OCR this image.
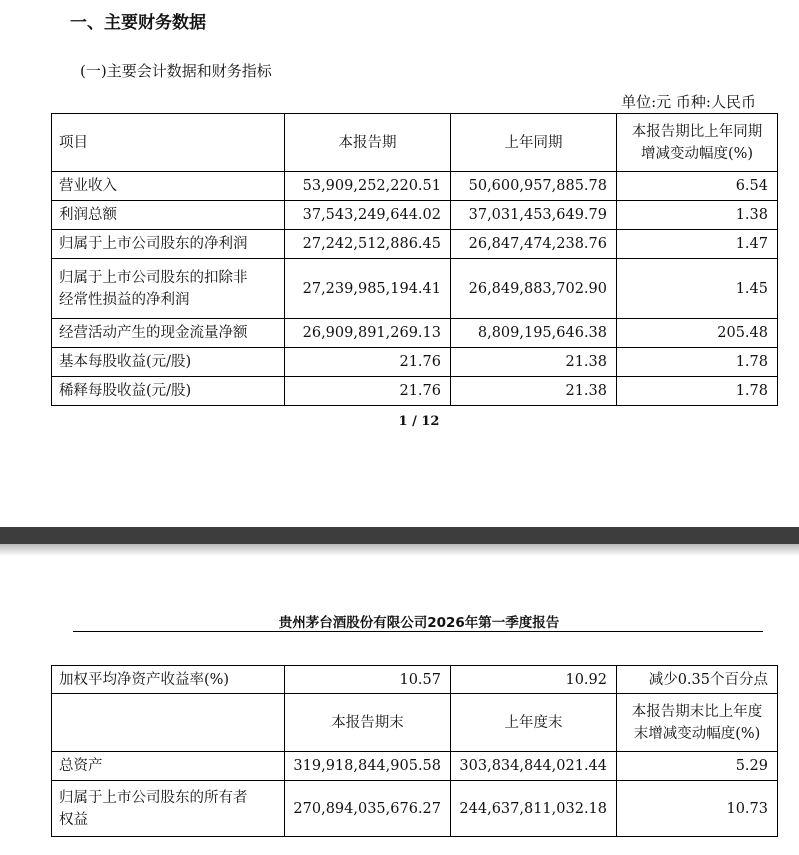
一、主要财务数据
(一)主要会计数据和财务指标
单位:元 币种:人民币
项目	本报告期	上年同期	本报告期比上年同期
增减变动幅度(%)

营业收入	53,909,252,220.51	50,600,957,885.78	6.54
利润总额	37,543,249,644.02	37,031,453,649.79	1.38
归属于上市公司股东的净利润	27,242,512,886.45	26,847,474,238.76	1.47

归属于上市公司股东的扣除非
经常性损益的净利润	27,239,985,194.41	26,849,883,702.90	1.45
经营活动产生的现金流量净额	26,909,891,269.13	8,809,195,646.38	205.48
基本每股收益(元/股)	21.76	21.38	1.78
稀释每股收益(元/股)	21.76	21.38	1.78
1 / 12
贵州茅台酒股份有限公司2026年第一季度报告
加权平均净资产收益率(%)	10.57	10.92	减少0.35个百分点
	本报告期末	上年度末	本报告期末比上年度
末增减变动幅度(%)

总资产	319,918,844,905.58	303,834,844,021.44	5.29

归属于上市公司股东的所有者
权益	270,894,035,676.27	244,637,811,032.18	10.73
